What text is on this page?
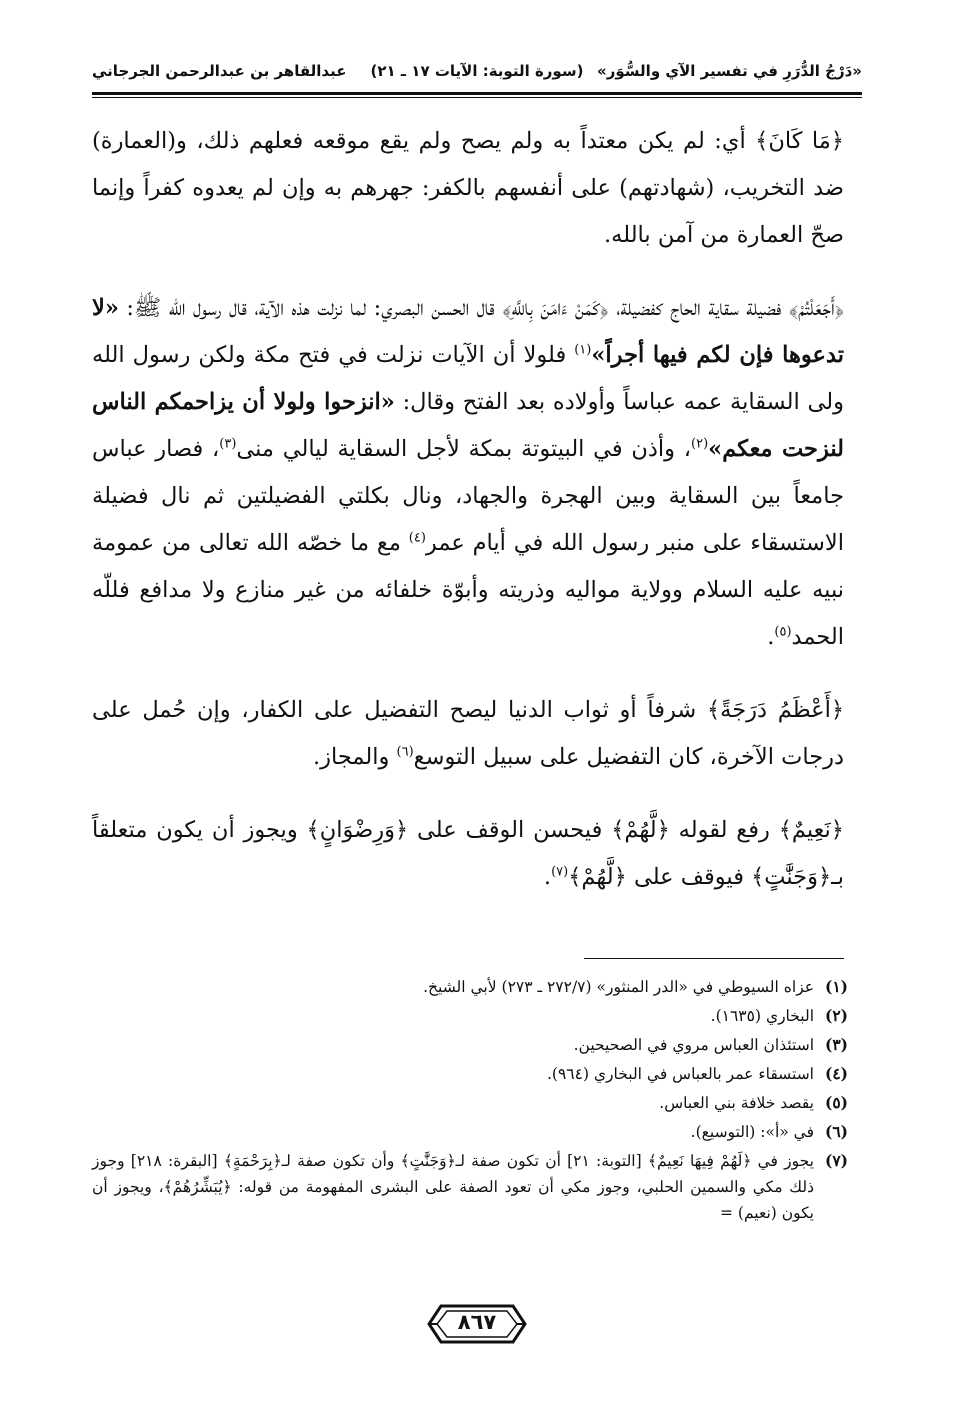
«دَرْجُ الدُّرَرِ في تفسير الآي والسُّوَر»
(سورة التوبة: الآيات ١٧ ـ ٢١)
عبدالقاهر بن عبدالرحمن الجرجاني

﴿مَا كَانَ﴾ أي: لم يكن معتداً به ولم يصح ولم يقع موقعه فعلهم ذلك، و(العمارة) ضد التخريب، (شهادتهم) على أنفسهم بالكفر: جهرهم به وإن لم يعدوه كفراً وإنما صحّ العمارة من آمن بالله.

﴿أَجَعَلْتُمْ﴾ فضيلة سقاية الحاج كفضيلة، ﴿كَمَنْ ءَامَنَ بِاللَّهِ﴾ قال الحسن البصري: لما نزلت هذه الآية، قال رسول الله ﷺ: «لا تدعوها فإن لكم فيها أجراً»$^{(١)}$ فلولا أن الآيات نزلت في فتح مكة ولكن رسول الله ولى السقاية عمه عباساً وأولاده بعد الفتح وقال: «انزحوا ولولا أن يزاحمكم الناس لنزحت معكم»$^{(٢)}$، وأذن في البيتوتة بمكة لأجل السقاية ليالي منى$^{(٣)}$، فصار عباس جامعاً بين السقاية وبين الهجرة والجهاد، ونال بكلتي الفضيلتين ثم نال فضيلة الاستسقاء على منبر رسول الله في أيام عمر$^{(٤)}$ مع ما خصّه الله تعالى من عمومة نبيه عليه السلام وولاية مواليه وذريته وأبوّة خلفائه من غير منازع ولا مدافع فللّه الحمد$^{(٥)}$.

﴿أَعْظَمُ دَرَجَةً﴾ شرفاً أو ثواب الدنيا ليصح التفضيل على الكفار، وإن حُمل على درجات الآخرة، كان التفضيل على سبيل التوسع$^{(٦)}$ والمجاز.

﴿نَعِيمٌ﴾ رفع لقوله ﴿لَّهُمْ﴾ فيحسن الوقف على ﴿وَرِضْوَانٍ﴾ ويجوز أن يكون متعلقاً بـ﴿وَجَنَّٰتٍ﴾ فيوقف على ﴿لَّهُمْ﴾$^{(٧)}$.

(١)
عزاه السيوطي في «الدر المنثور» (٢٧٢/٧ ـ ٢٧٣) لأبي الشيخ.
(٢)
البخاري (١٦٣٥).
(٣)
استئذان العباس مروي في الصحيحين.
(٤)
استسقاء عمر بالعباس في البخاري (٩٦٤).
(٥)
يقصد خلافة بني العباس.
(٦)
في «أ»: (التوسيع).
(٧)
يجوز في ﴿لَهُمْ فِيهَا نَعِيمٌ﴾ [التوبة: ٢١] أن تكون صفة لـ﴿وَجَنَّٰتٍ﴾ وأن تكون صفة لـ﴿بِرَحْمَةٍ﴾ [البقرة: ٢١٨] وجوز ذلك مكي والسمين الحلبي، وجوز مكي أن تعود الصفة على البشرى المفهومة من قوله: ﴿يُبَشِّرُهُمْ﴾، ويجوز أن يكون (نعيم) =
٨٦٧
